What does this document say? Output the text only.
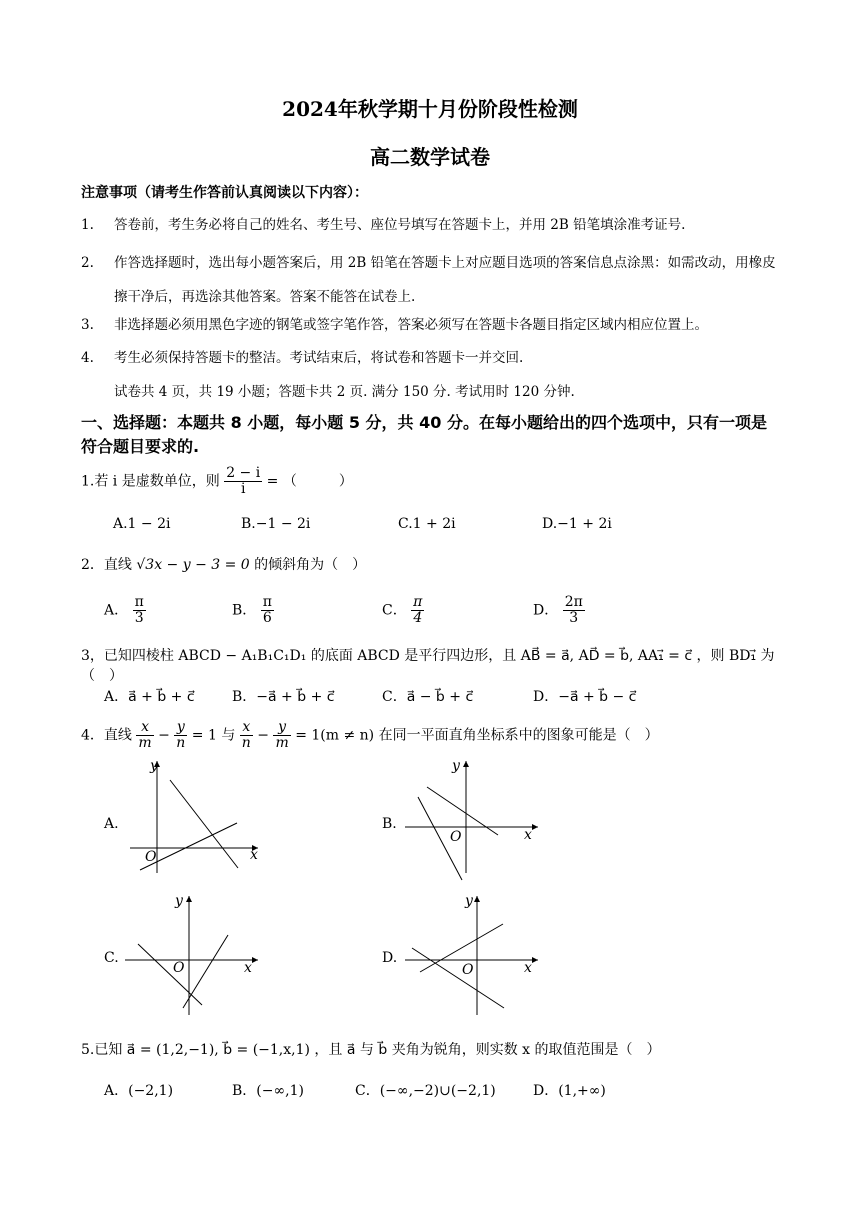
2024年秋学期十月份阶段性检测
高二数学试卷
注意事项（请考生作答前认真阅读以下内容）：
1. 答卷前，考生务必将自己的姓名、考生号、座位号填写在答题卡上，并用 2B 铅笔填涂准考证号.
2. 作答选择题时，选出每小题答案后，用 2B 铅笔在答题卡上对应题目选项的答案信息点涂黑：如需改动，用橡皮擦干净后，再选涂其他答案。答案不能答在试卷上.
3. 非选择题必须用黑色字迹的钢笔或签字笔作答，答案必须写在答题卡各题目指定区域内相应位置上。
4. 考生必须保持答题卡的整洁。考试结束后，将试卷和答题卡一并交回.
试卷共 4 页，共 19 小题；答题卡共 2 页. 满分 150 分. 考试用时 120 分钟.
一、选择题：本题共 8 小题，每小题 5 分，共 40 分。在每小题给出的四个选项中，只有一项是符合题目要求的.
1.若 i 是虚数单位，则 $\frac{2 - i}{i}$ = （　　　）
A.1 − 2i	B.−1 − 2i	C.1 + 2i	D.−1 + 2i
2．直线 √3x − y − 3 = 0 的倾斜角为（　）
A． $\frac{\pi}{3}$	B． $\frac{\pi}{6}$	C． $\frac{\pi}{4}$	D． $\frac{2\pi}{3}$
3，已知四棱柱 ABCD − A₁B₁C₁D₁ 的底面 ABCD 是平行四边形，且 AB⃗ = a⃗, AD⃗ = b⃗, AA₁⃗ = c⃗ ，则 BD₁⃗ 为（　）
A．a⃗ + b⃗ + c⃗	B．−a⃗ + b⃗ + c⃗	C．a⃗ − b⃗ + c⃗	D．−a⃗ + b⃗ − c⃗
4．直线 $\frac{x}{m} - \frac{y}{n} = 1$ 与 $\frac{x}{n} - \frac{y}{m} = 1(m \ne n)$ 在同一平面直角坐标系中的图象可能是（　）
A.	B.
C.	D.
x
y
O
x
y
O
x
y
O	x
y
O
5.已知 a⃗ = (1,2,−1), b⃗ = (−1,x,1) ，且 a⃗ 与 b⃗ 夹角为锐角，则实数 x 的取值范围是（　）
A．(−2,1)	B．(−∞,1)	C．(−∞,−2)∪(−2,1)	D．(1,+∞)
